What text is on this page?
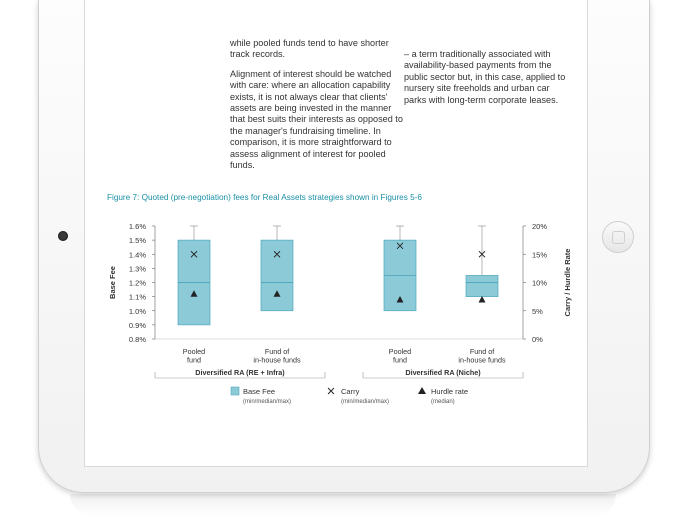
while pooled funds tend to have shorter track records.

Alignment of interest should be watched with care: where an allocation capability exists, it is not always clear that clients' assets are being invested in the manner that best suits their interests as opposed to the manager's fundraising timeline. In comparison, it is more straightforward to assess alignment of interest for pooled funds.

– a term traditionally associated with availability-based payments from the public sector but, in this case, applied to nursery site freeholds and urban car parks with long-term corporate leases.

Figure 7: Quoted (pre-negotiation) fees for Real Assets strategies shown in Figures 5-6
1.6%
1.5%
1.4%
1.3%
1.2%
1.1%
1.0%
0.9%
0.8%
Base Fee
20%
15%
10%
5%
0%
Carry / Hurdle Rate
Pooled
fund
Fund of
in-house funds
Pooled
fund
Fund of
in-house funds
Diversified RA (RE + Infra)	Diversified RA (Niche)
Base Fee
(min/median/max)
Carry
(min/median/max)
Hurdle rate
(median)
